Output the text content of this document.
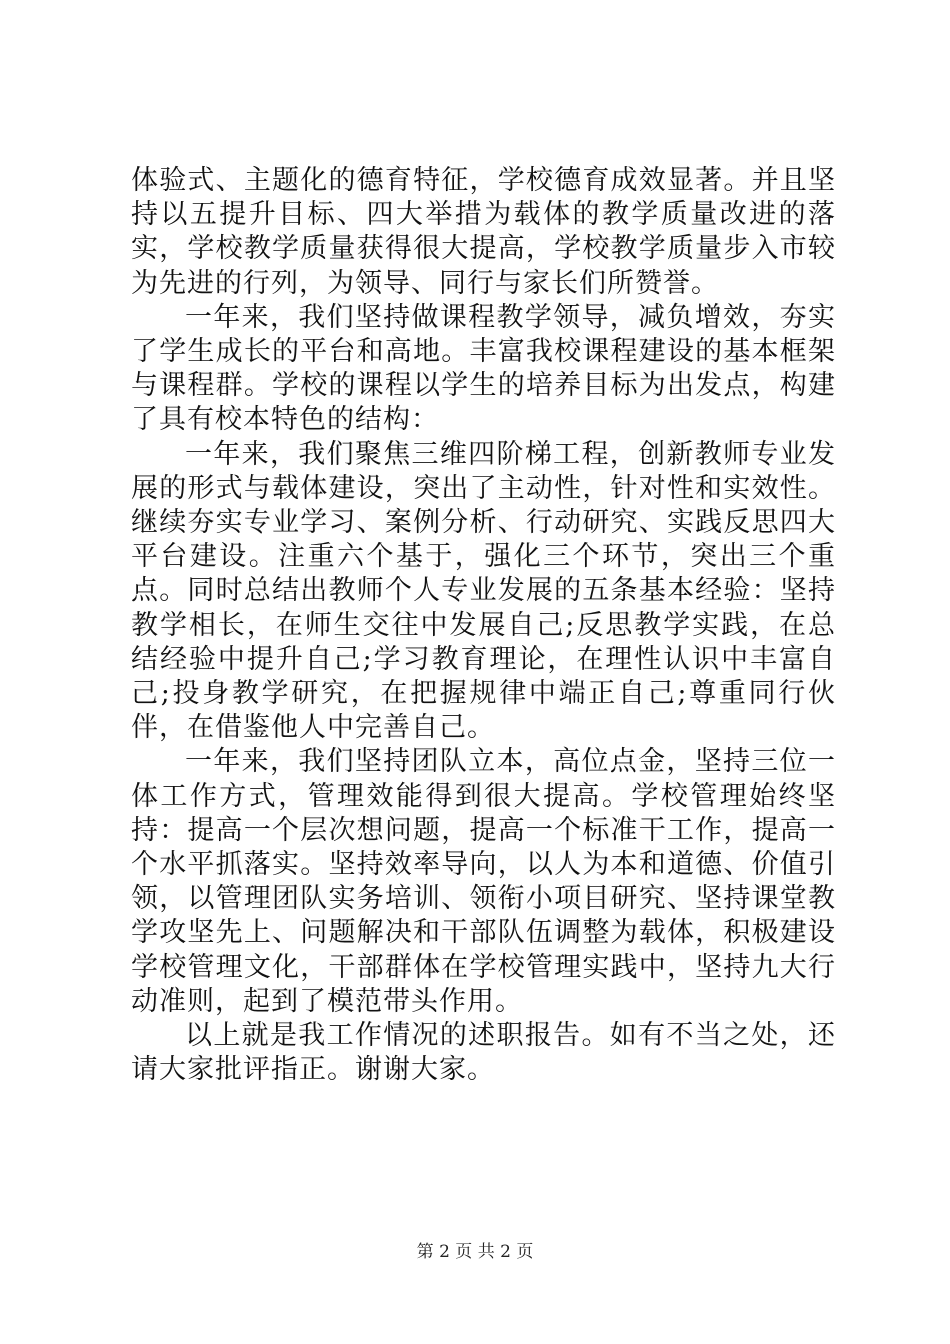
体验式、主题化的德育特征，学校德育成效显著。并且坚持以五提升目标、四大举措为载体的教学质量改进的落实，学校教学质量获得很大提高，学校教学质量步入市较为先进的行列，为领导、同行与家长们所赞誉。

一年来，我们坚持做课程教学领导，减负增效，夯实了学生成长的平台和高地。丰富我校课程建设的基本框架与课程群。学校的课程以学生的培养目标为出发点，构建了具有校本特色的结构：

一年来，我们聚焦三维四阶梯工程，创新教师专业发展的形式与载体建设，突出了主动性，针对性和实效性。继续夯实专业学习、案例分析、行动研究、实践反思四大平台建设。注重六个基于，强化三个环节，突出三个重点。同时总结出教师个人专业发展的五条基本经验：坚持教学相长，在师生交往中发展自己;反思教学实践，在总结经验中提升自己;学习教育理论，在理性认识中丰富自己;投身教学研究，在把握规律中端正自己;尊重同行伙伴，在借鉴他人中完善自己。

一年来，我们坚持团队立本，高位点金，坚持三位一体工作方式，管理效能得到很大提高。学校管理始终坚持：提高一个层次想问题，提高一个标准干工作，提高一个水平抓落实。坚持效率导向，以人为本和道德、价值引领，以管理团队实务培训、领衔小项目研究、坚持课堂教学攻坚先上、问题解决和干部队伍调整为载体，积极建设学校管理文化，干部群体在学校管理实践中，坚持九大行动准则，起到了模范带头作用。

以上就是我工作情况的述职报告。如有不当之处，还请大家批评指正。谢谢大家。

第 2 页 共 2 页
